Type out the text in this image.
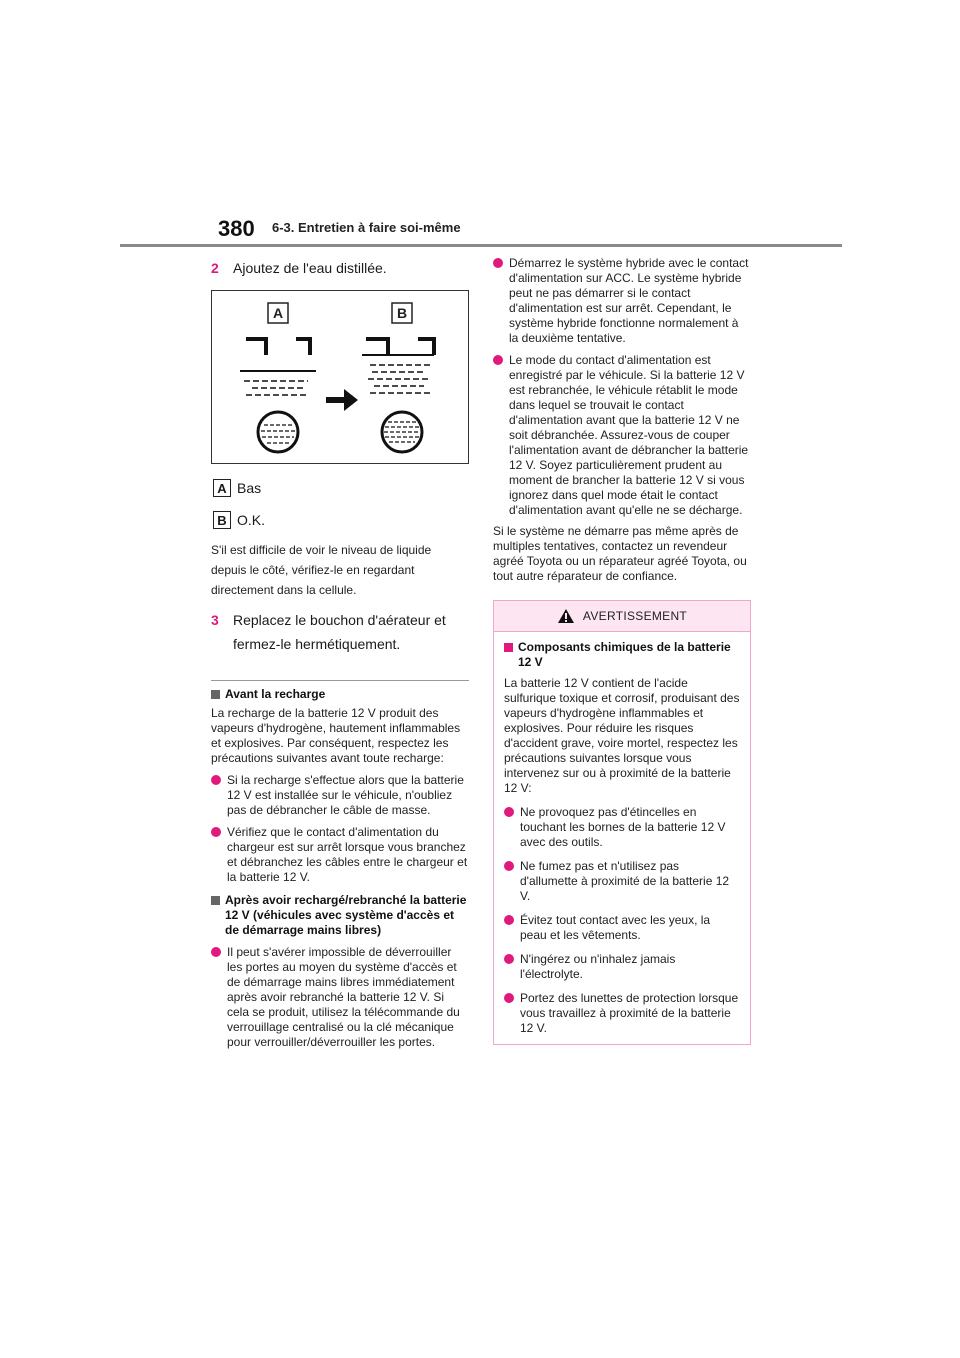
380 6-3. Entretien à faire soi-même
2	Ajoutez de l'eau distillée.
A	B
A Bas
B O.K.
S'il est difficile de voir le niveau de liquide depuis le côté, vérifiez-le en regardant directement dans la cellule.
3	Replacez le bouchon d'aérateur et fermez-le hermétiquement.
Avant la recharge
La recharge de la batterie 12 V produit des vapeurs d'hydrogène, hautement inflammables et explosives. Par conséquent, respectez les précautions suivantes avant toute recharge:
Si la recharge s'effectue alors que la batterie 12 V est installée sur le véhicule, n'oubliez pas de débrancher le câble de masse.
Vérifiez que le contact d'alimentation du chargeur est sur arrêt lorsque vous branchez et débranchez les câbles entre le chargeur et la batterie 12 V.
Après avoir rechargé/rebranché la batterie 12 V (véhicules avec système d'accès et de démarrage mains libres)
Il peut s'avérer impossible de déverrouiller les portes au moyen du système d'accès et de démarrage mains libres immédiatement après avoir rebranché la batterie 12 V. Si cela se produit, utilisez la télécommande du verrouillage centralisé ou la clé mécanique pour verrouiller/déverrouiller les portes.
Démarrez le système hybride avec le contact d'alimentation sur ACC. Le système hybride peut ne pas démarrer si le contact d'alimentation est sur arrêt. Cependant, le système hybride fonctionne normalement à la deuxième tentative.
Le mode du contact d'alimentation est enregistré par le véhicule. Si la batterie 12 V est rebranchée, le véhicule rétablit le mode dans lequel se trouvait le contact d'alimentation avant que la batterie 12 V ne soit débranchée. Assurez-vous de couper l'alimentation avant de débrancher la batterie 12 V. Soyez particulièrement prudent au moment de brancher la batterie 12 V si vous ignorez dans quel mode était le contact d'alimentation avant qu'elle ne se décharge.
Si le système ne démarre pas même après de multiples tentatives, contactez un revendeur agréé Toyota ou un réparateur agréé Toyota, ou tout autre réparateur de confiance.
AVERTISSEMENT
Composants chimiques de la batterie 12 V
La batterie 12 V contient de l'acide sulfurique toxique et corrosif, produisant des vapeurs d'hydrogène inflammables et explosives. Pour réduire les risques d'accident grave, voire mortel, respectez les précautions suivantes lorsque vous intervenez sur ou à proximité de la batterie 12 V:
Ne provoquez pas d'étincelles en touchant les bornes de la batterie 12 V avec des outils.
Ne fumez pas et n'utilisez pas d'allumette à proximité de la batterie 12 V.
Évitez tout contact avec les yeux, la peau et les vêtements.
N'ingérez ou n'inhalez jamais l'électrolyte.
Portez des lunettes de protection lorsque vous travaillez à proximité de la batterie 12 V.
